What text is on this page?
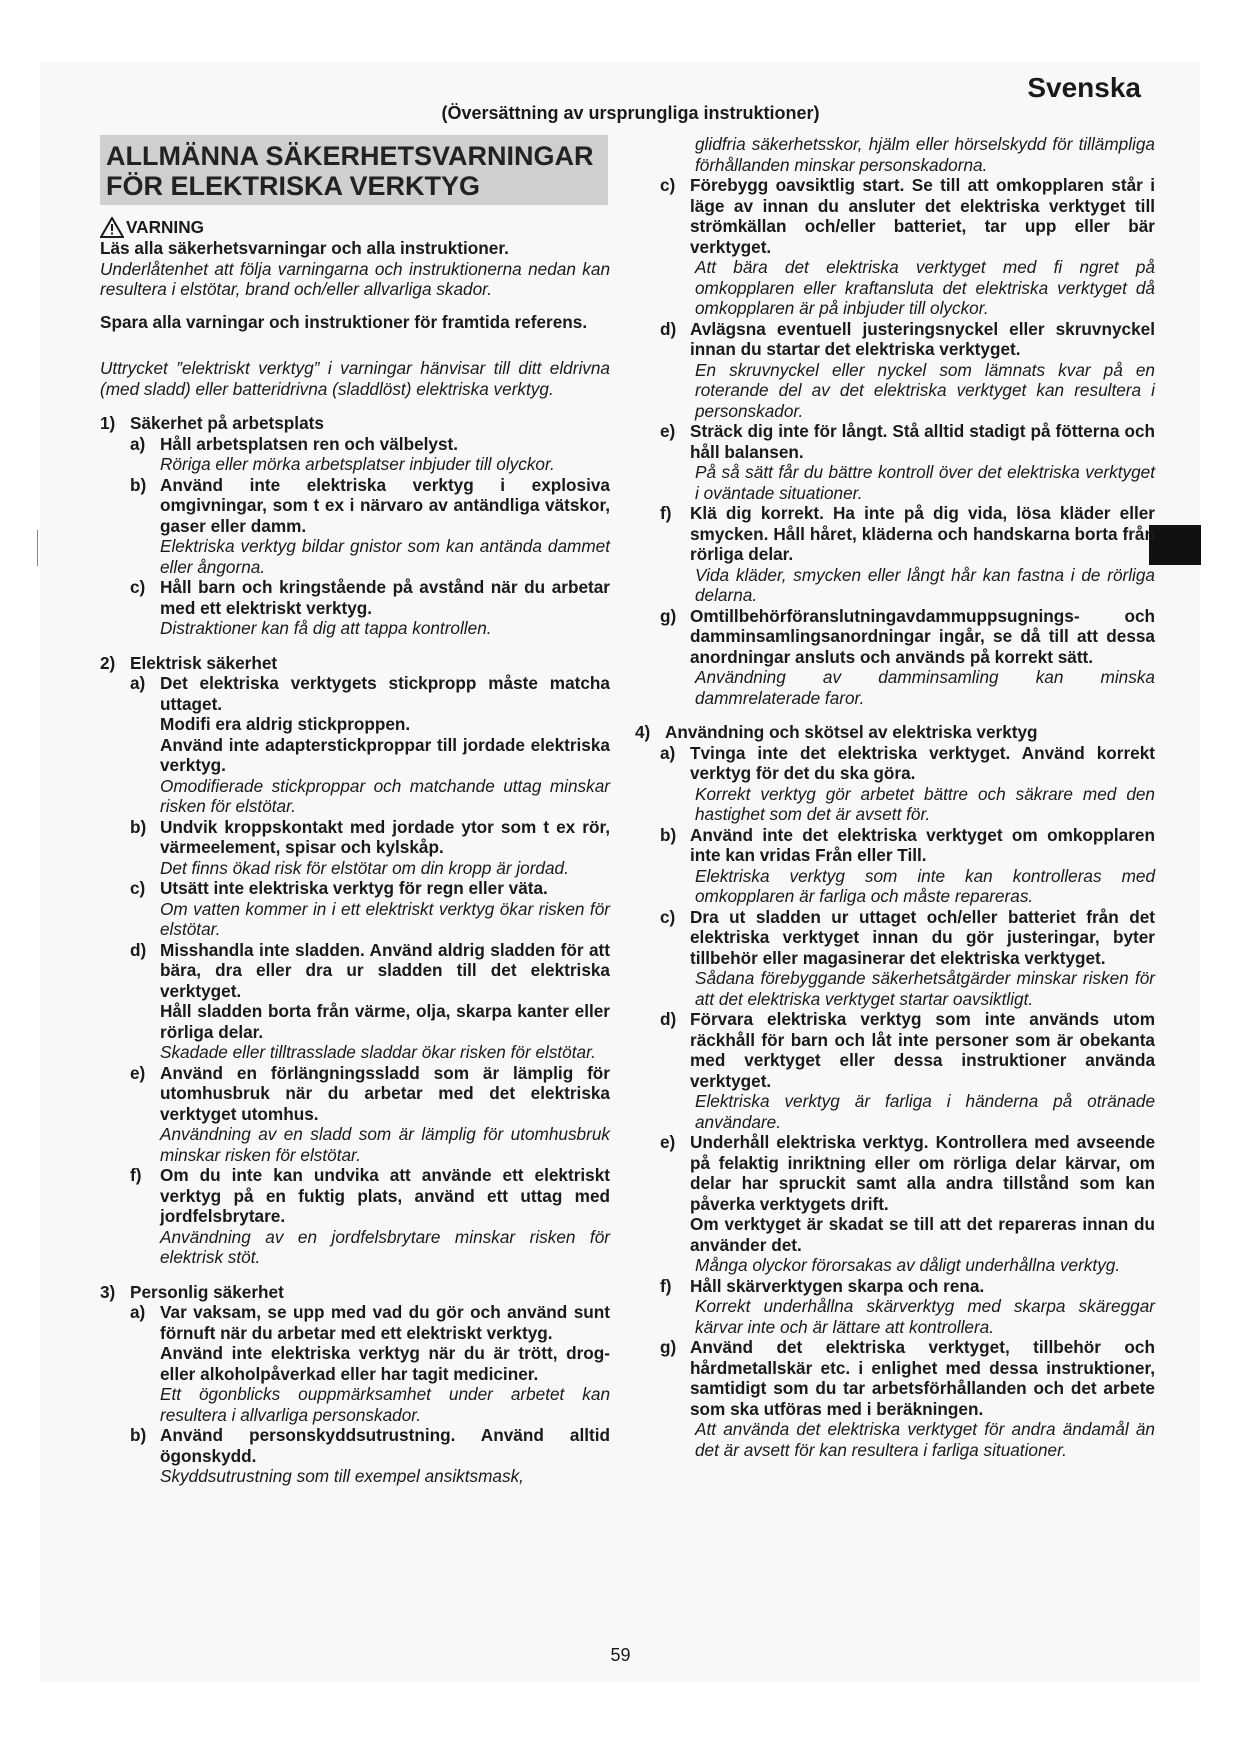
Svenska
(Översättning av ursprungliga instruktioner)
ALLMÄNNA SÄKERHETSVARNINGAR
FÖR ELEKTRISKA VERKTYG
VARNING

Läs alla säkerhetsvarningar och alla instruktioner.

Underlåtenhet att följa varningarna och instruktionerna nedan kan resultera i elstötar, brand och/eller allvarliga skador.

Spara alla varningar och instruktioner för framtida referens.

Uttrycket ”elektriskt verktyg” i varningar hänvisar till ditt eldrivna (med sladd) eller batteridrivna (sladdlöst) elektriska verktyg.

1) Säkerhet på arbetsplats
a) Håll arbetsplatsen ren och välbelyst.
Röriga eller mörka arbetsplatser inbjuder till olyckor.
b) Använd inte elektriska verktyg i explosiva omgivningar, som t ex i närvaro av antändliga vätskor, gaser eller damm.
Elektriska verktyg bildar gnistor som kan antända dammet eller ångorna.
c) Håll barn och kringstående på avstånd när du arbetar med ett elektriskt verktyg.
Distraktioner kan få dig att tappa kontrollen.
2) Elektrisk säkerhet
a) Det elektriska verktygets stickpropp måste matcha uttaget.
Modifi era aldrig stickproppen.
Använd inte adapterstickproppar till jordade elektriska verktyg.
Omodifierade stickproppar och matchande uttag minskar risken för elstötar.
b) Undvik kroppskontakt med jordade ytor som t ex rör, värmeelement, spisar och kylskåp.
Det finns ökad risk för elstötar om din kropp är jordad.
c) Utsätt inte elektriska verktyg för regn eller väta.
Om vatten kommer in i ett elektriskt verktyg ökar risken för elstötar.
d) Misshandla inte sladden. Använd aldrig sladden för att bära, dra eller dra ur sladden till det elektriska verktyget.
Håll sladden borta från värme, olja, skarpa kanter eller rörliga delar.
Skadade eller tilltrasslade sladdar ökar risken för elstötar.
e) Använd en förlängningssladd som är lämplig för utomhusbruk när du arbetar med det elektriska verktyget utomhus.
Användning av en sladd som är lämplig för utomhusbruk minskar risken för elstötar.
f) Om du inte kan undvika att använde ett elektriskt verktyg på en fuktig plats, använd ett uttag med jordfelsbrytare.
Användning av en jordfelsbrytare minskar risken för elektrisk stöt.
3) Personlig säkerhet
a) Var vaksam, se upp med vad du gör och använd sunt förnuft när du arbetar med ett elektriskt verktyg.
Använd inte elektriska verktyg när du är trött, drog- eller alkoholpåverkad eller har tagit mediciner.
Ett ögonblicks ouppmärksamhet under arbetet kan resultera i allvarliga personskador.
b) Använd personskyddsutrustning. Använd alltid ögonskydd.
Skyddsutrustning som till exempel ansiktsmask,
glidfria säkerhetsskor, hjälm eller hörselskydd för tillämpliga förhållanden minskar personskadorna.
c) Förebygg oavsiktlig start. Se till att omkopplaren står i läge av innan du ansluter det elektriska verktyget till strömkällan och/eller batteriet, tar upp eller bär verktyget.
Att bära det elektriska verktyget med fi ngret på omkopplaren eller kraftansluta det elektriska verktyget då omkopplaren är på inbjuder till olyckor.
d) Avlägsna eventuell justeringsnyckel eller skruvnyckel innan du startar det elektriska verktyget.
En skruvnyckel eller nyckel som lämnats kvar på en roterande del av det elektriska verktyget kan resultera i personskador.
e) Sträck dig inte för långt. Stå alltid stadigt på fötterna och håll balansen.
På så sätt får du bättre kontroll över det elektriska verktyget i oväntade situationer.
f) Klä dig korrekt. Ha inte på dig vida, lösa kläder eller smycken. Håll håret, kläderna och handskarna borta från rörliga delar.
Vida kläder, smycken eller långt hår kan fastna i de rörliga delarna.
g) Omtillbehörföranslutningavdammuppsugnings- och damminsamlingsanordningar ingår, se då till att dessa anordningar ansluts och används på korrekt sätt.
Användning av damminsamling kan minska dammrelaterade faror.
4) Användning och skötsel av elektriska verktyg
a) Tvinga inte det elektriska verktyget. Använd korrekt verktyg för det du ska göra.
Korrekt verktyg gör arbetet bättre och säkrare med den hastighet som det är avsett för.
b) Använd inte det elektriska verktyget om omkopplaren inte kan vridas Från eller Till.
Elektriska verktyg som inte kan kontrolleras med omkopplaren är farliga och måste repareras.
c) Dra ut sladden ur uttaget och/eller batteriet från det elektriska verktyget innan du gör justeringar, byter tillbehör eller magasinerar det elektriska verktyget.
Sådana förebyggande säkerhetsåtgärder minskar risken för att det elektriska verktyget startar oavsiktligt.
d) Förvara elektriska verktyg som inte används utom räckhåll för barn och låt inte personer som är obekanta med verktyget eller dessa instruktioner använda verktyget.
Elektriska verktyg är farliga i händerna på otränade användare.
e) Underhåll elektriska verktyg. Kontrollera med avseende på felaktig inriktning eller om rörliga delar kärvar, om delar har spruckit samt alla andra tillstånd som kan påverka verktygets drift.
Om verktyget är skadat se till att det repareras innan du använder det.
Många olyckor förorsakas av dåligt underhållna verktyg.
f) Håll skärverktygen skarpa och rena.
Korrekt underhållna skärverktyg med skarpa skäreggar kärvar inte och är lättare att kontrollera.
g) Använd det elektriska verktyget, tillbehör och hårdmetallskär etc. i enlighet med dessa instruktioner, samtidigt som du tar arbetsförhållanden och det arbete som ska utföras med i beräkningen.
Att använda det elektriska verktyget för andra ändamål än det är avsett för kan resultera i farliga situationer.
59
